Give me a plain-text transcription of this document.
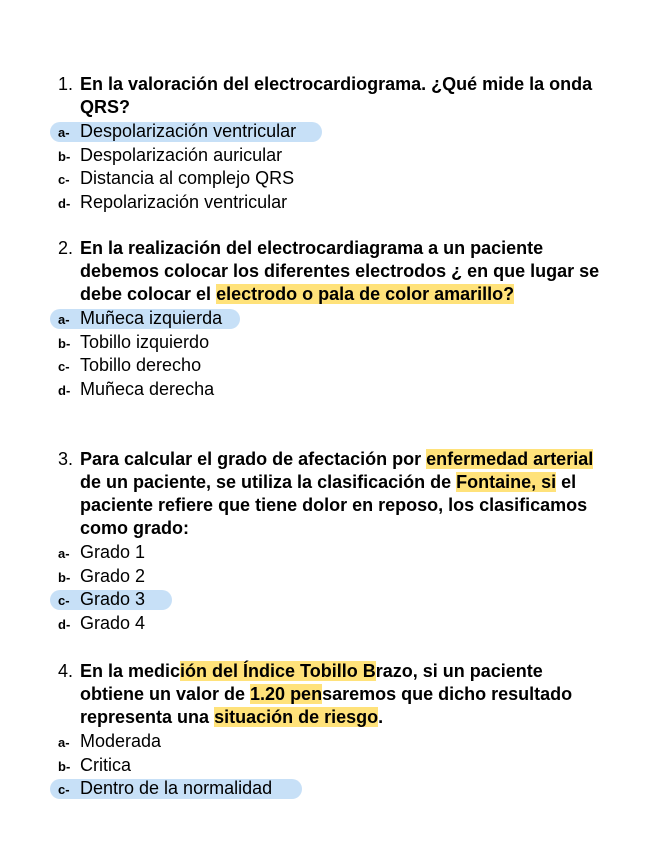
1. En la valoración del electrocardiograma. ¿Qué mide la onda QRS?
a- Despolarización ventricular
b- Despolarización auricular
c- Distancia al complejo QRS
d- Repolarización ventricular
2. En la realización del electrocardiagrama a un paciente debemos colocar los diferentes electrodos ¿ en que lugar se debe colocar el electrodo o pala de color amarillo?
a- Muñeca izquierda
b- Tobillo izquierdo
c- Tobillo derecho
d- Muñeca derecha
3. Para calcular el grado de afectación por enfermedad arterial de un paciente, se utiliza la clasificación de Fontaine, si el paciente refiere que tiene dolor en reposo, los clasificamos como grado:
a- Grado 1
b- Grado 2
c- Grado 3
d- Grado 4
4. En la medición del Índice Tobillo Brazo, si un paciente obtiene un valor de 1.20 pensaremos que dicho resultado representa una situación de riesgo.
a- Moderada
b- Critica
c- Dentro de la normalidad
